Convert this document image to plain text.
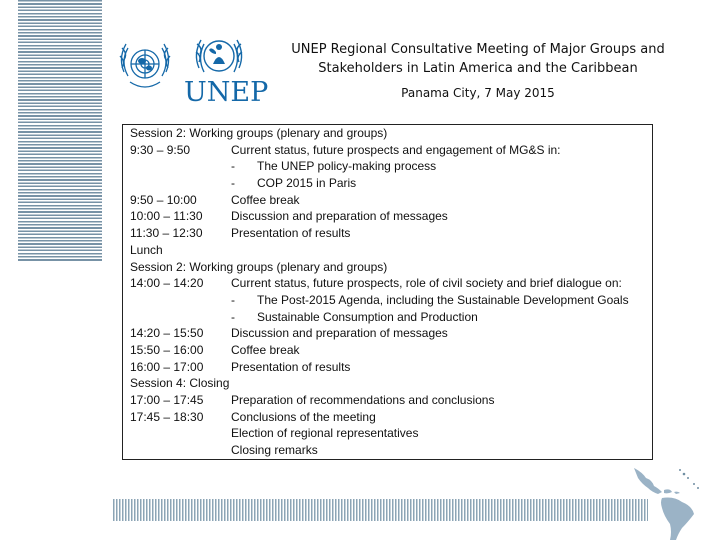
UNEP
UNEP Regional Consultative Meeting of Major Groups and
Stakeholders in Latin America and the Caribbean
Panama City, 7 May 2015
Session 2: Working groups (plenary and groups)
9:30 – 9:50	Current status, future prospects and engagement of MG&S in:
- The UNEP policy-making process
- COP 2015 in Paris
9:50 – 10:00	Coffee break
10:00 – 11:30 Discussion and preparation of messages
11:30 – 12:30 Presentation of results
Lunch
Session 2: Working groups (plenary and groups)
14:00 – 14:20 Current status, future prospects, role of civil society and brief dialogue on:
- The Post-2015 Agenda, including the Sustainable Development Goals
- Sustainable Consumption and Production
14:20 – 15:50 Discussion and preparation of messages
15:50 – 16:00 Coffee break
16:00 – 17:00 Presentation of results
Session 4: Closing
17:00 – 17:45 Preparation of recommendations and conclusions
17:45 – 18:30 Conclusions of the meeting
Election of regional representatives
Closing remarks
